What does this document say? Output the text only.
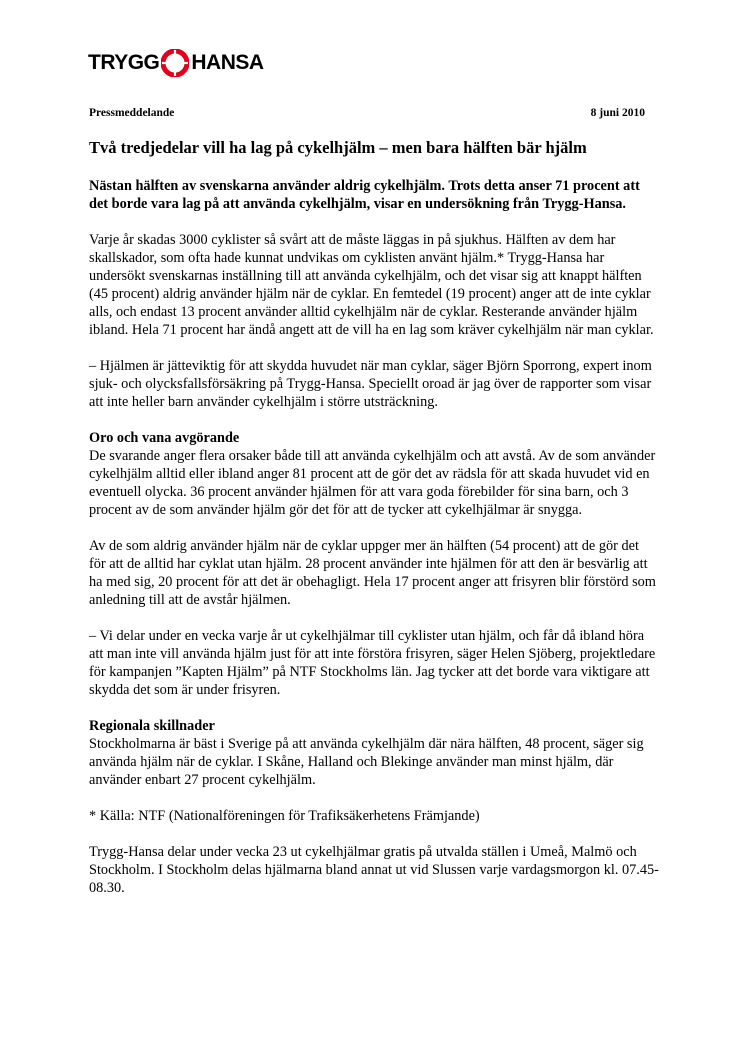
TRYGG HANSA
Pressmeddelande	8 juni 2010
Två tredjedelar vill ha lag på cykelhjälm – men bara hälften bär hjälm

Nästan hälften av svenskarna använder aldrig cykelhjälm. Trots detta anser 71 procent att det borde vara lag på att använda cykelhjälm, visar en undersökning från Trygg-Hansa.

Varje år skadas 3000 cyklister så svårt att de måste läggas in på sjukhus. Hälften av dem har skallskador, som ofta hade kunnat undvikas om cyklisten använt hjälm.* Trygg-Hansa har undersökt svenskarnas inställning till att använda cykelhjälm, och det visar sig att knappt hälften (45 procent) aldrig använder hjälm när de cyklar. En femtedel (19 procent) anger att de inte cyklar alls, och endast 13 procent använder alltid cykelhjälm när de cyklar. Resterande använder hjälm ibland. Hela 71 procent har ändå angett att de vill ha en lag som kräver cykelhjälm när man cyklar.

– Hjälmen är jätteviktig för att skydda huvudet när man cyklar, säger Björn Sporrong, expert inom sjuk- och olycksfallsförsäkring på Trygg-Hansa. Speciellt oroad är jag över de rapporter som visar att inte heller barn använder cykelhjälm i större utsträckning.

Oro och vana avgörande

De svarande anger flera orsaker både till att använda cykelhjälm och att avstå. Av de som använder cykelhjälm alltid eller ibland anger 81 procent att de gör det av rädsla för att skada huvudet vid en eventuell olycka. 36 procent använder hjälmen för att vara goda förebilder för sina barn, och 3 procent av de som använder hjälm gör det för att de tycker att cykelhjälmar är snygga.

Av de som aldrig använder hjälm när de cyklar uppger mer än hälften (54 procent) att de gör det för att de alltid har cyklat utan hjälm. 28 procent använder inte hjälmen för att den är besvärlig att ha med sig, 20 procent för att det är obehagligt. Hela 17 procent anger att frisyren blir förstörd som anledning till att de avstår hjälmen.

– Vi delar under en vecka varje år ut cykelhjälmar till cyklister utan hjälm, och får då ibland höra att man inte vill använda hjälm just för att inte förstöra frisyren, säger Helen Sjöberg, projektledare för kampanjen ”Kapten Hjälm” på NTF Stockholms län. Jag tycker att det borde vara viktigare att skydda det som är under frisyren.

Regionala skillnader

Stockholmarna är bäst i Sverige på att använda cykelhjälm där nära hälften, 48 procent, säger sig använda hjälm när de cyklar. I Skåne, Halland och Blekinge använder man minst hjälm, där använder enbart 27 procent cykelhjälm.

* Källa: NTF (Nationalföreningen för Trafiksäkerhetens Främjande)

Trygg-Hansa delar under vecka 23 ut cykelhjälmar gratis på utvalda ställen i Umeå, Malmö och Stockholm. I Stockholm delas hjälmarna bland annat ut vid Slussen varje vardagsmorgon kl. 07.45-08.30.
